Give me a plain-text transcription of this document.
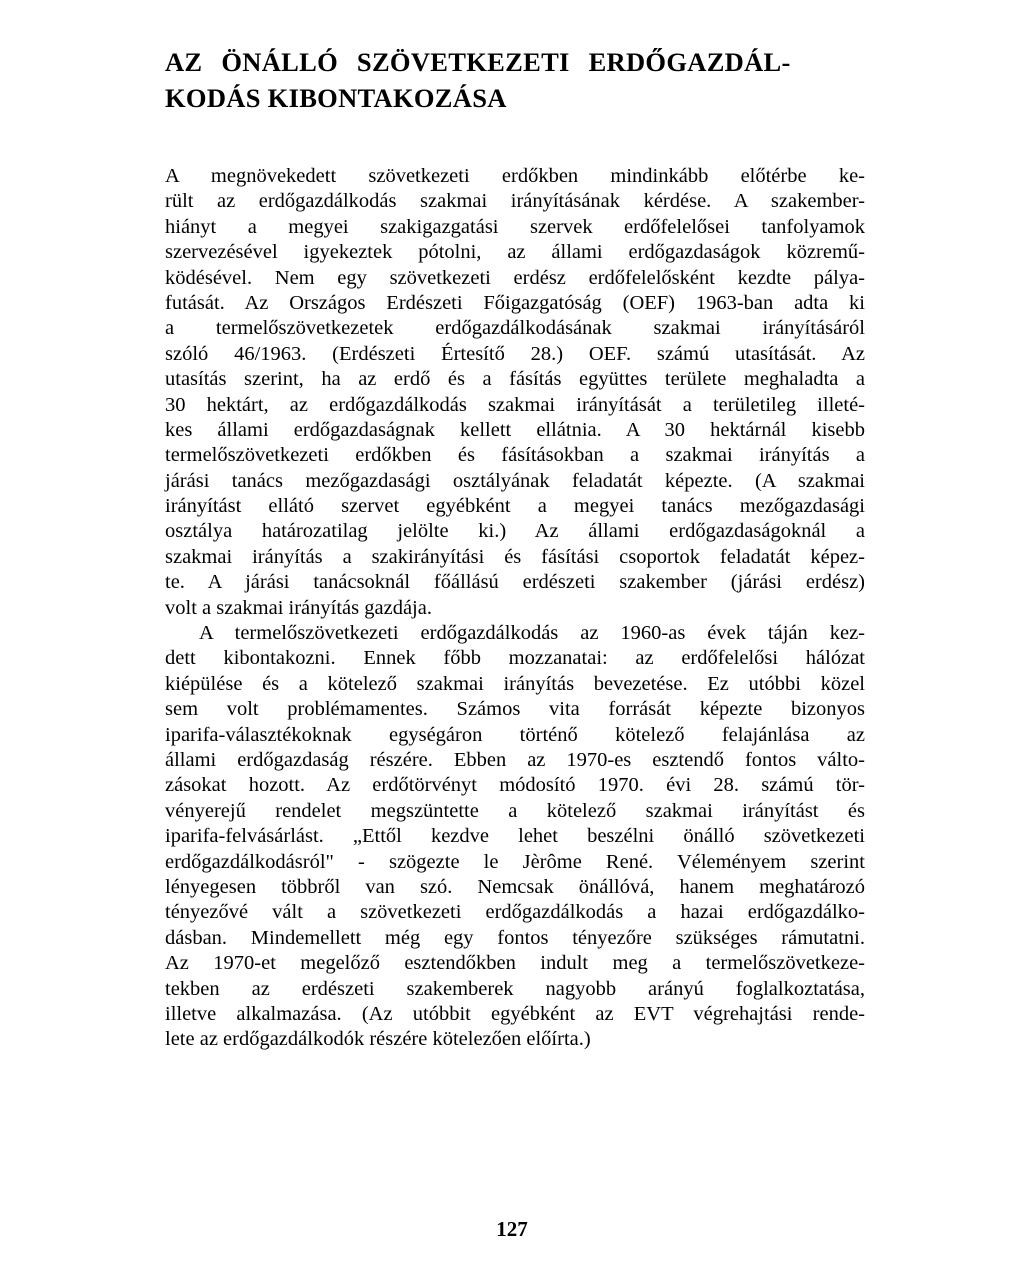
AZ ÖNÁLLÓ SZÖVETKEZETI ERDŐGAZDÁL-
KODÁS KIBONTAKOZÁSA
A megnövekedett szövetkezeti erdőkben mindinkább előtérbe ke-
rült az erdőgazdálkodás szakmai irányításának kérdése. A szakember-
hiányt a megyei szakigazgatási szervek erdőfelelősei tanfolyamok
szervezésével igyekeztek pótolni, az állami erdőgazdaságok közremű-
ködésével. Nem egy szövetkezeti erdész erdőfelelősként kezdte pálya-
futását. Az Országos Erdészeti Főigazgatóság (OEF) 1963-ban adta ki
a termelőszövetkezetek erdőgazdálkodásának szakmai irányításáról
szóló 46/1963. (Erdészeti Értesítő 28.) OEF. számú utasítását. Az
utasítás szerint, ha az erdő és a fásítás együttes területe meghaladta a
30 hektárt, az erdőgazdálkodás szakmai irányítását a területileg illeté-
kes állami erdőgazdaságnak kellett ellátnia. A 30 hektárnál kisebb
termelőszövetkezeti erdőkben és fásításokban a szakmai irányítás a
járási tanács mezőgazdasági osztályának feladatát képezte. (A szakmai
irányítást ellátó szervet egyébként a megyei tanács mezőgazdasági
osztálya határozatilag jelölte ki.) Az állami erdőgazdaságoknál a
szakmai irányítás a szakirányítási és fásítási csoportok feladatát képez-
te. A járási tanácsoknál főállású erdészeti szakember (járási erdész)
volt a szakmai irányítás gazdája.
A termelőszövetkezeti erdőgazdálkodás az 1960-as évek táján kez-
dett kibontakozni. Ennek főbb mozzanatai: az erdőfelelősi hálózat
kiépülése és a kötelező szakmai irányítás bevezetése. Ez utóbbi közel
sem volt problémamentes. Számos vita forrását képezte bizonyos
iparifa-választékoknak egységáron történő kötelező felajánlása az
állami erdőgazdaság részére. Ebben az 1970-es esztendő fontos válto-
zásokat hozott. Az erdőtörvényt módosító 1970. évi 28. számú tör-
vényerejű rendelet megszüntette a kötelező szakmai irányítást és
iparifa-felvásárlást. „Ettől kezdve lehet beszélni önálló szövetkezeti
erdőgazdálkodásról" - szögezte le Jèrôme René. Véleményem szerint
lényegesen többről van szó. Nemcsak önállóvá, hanem meghatározó
tényezővé vált a szövetkezeti erdőgazdálkodás a hazai erdőgazdálko-
dásban. Mindemellett még egy fontos tényezőre szükséges rámutatni.
Az 1970-et megelőző esztendőkben indult meg a termelőszövetkeze-
tekben az erdészeti szakemberek nagyobb arányú foglalkoztatása,
illetve alkalmazása. (Az utóbbit egyébként az EVT végrehajtási rende-
lete az erdőgazdálkodók részére kötelezően előírta.)
127
